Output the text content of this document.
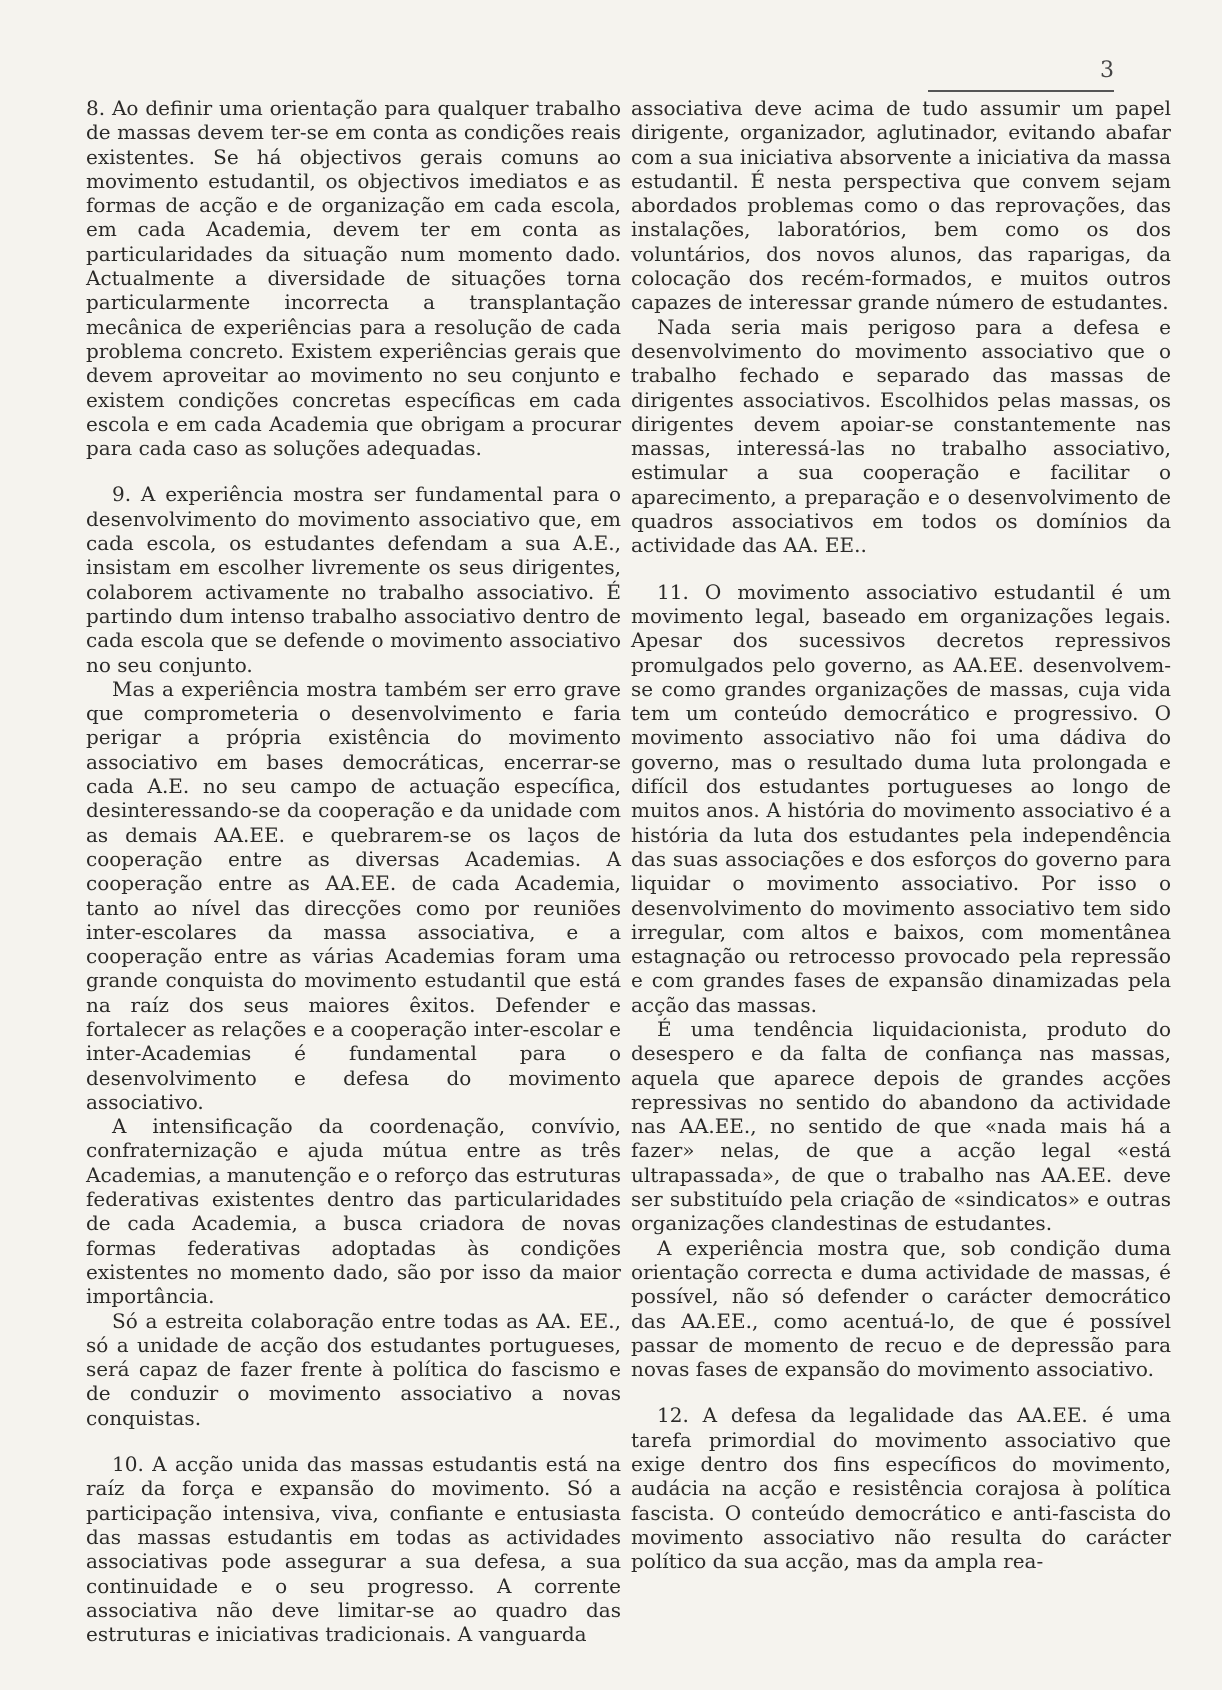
3

8. Ao definir uma orientação para qualquer trabalho de massas devem ter-se em conta as condições reais existentes. Se há objectivos gerais comuns ao movimento estudantil, os objectivos imediatos e as formas de acção e de organização em cada escola, em cada Academia, devem ter em conta as particularidades da situação num momento dado. Actualmente a diversidade de situações torna particularmente incorrecta a transplantação mecânica de experiências para a resolução de cada problema concreto. Existem experiências gerais que devem aproveitar ao movimento no seu conjunto e existem condições concretas específicas em cada escola e em cada Academia que obrigam a procurar para cada caso as soluções adequadas.

9. A experiência mostra ser fundamental para o desenvolvimento do movimento associativo que, em cada escola, os estudantes defendam a sua A.E., insistam em escolher livremente os seus dirigentes, colaborem activamente no trabalho associativo. É partindo dum intenso trabalho associativo dentro de cada escola que se defende o movimento associativo no seu conjunto.

Mas a experiência mostra também ser erro grave que comprometeria o desenvolvimento e faria perigar a própria existência do movimento associativo em bases democráticas, encerrar-se cada A.E. no seu campo de actuação específica, desinteressando-se da cooperação e da unidade com as demais AA.EE. e quebrarem-se os laços de cooperação entre as diversas Academias. A cooperação entre as AA.EE. de cada Academia, tanto ao nível das direcções como por reuniões inter-escolares da massa associativa, e a cooperação entre as várias Academias foram uma grande conquista do movimento estudantil que está na raíz dos seus maiores êxitos. Defender e fortalecer as relações e a cooperação inter-escolar e inter-Academias é fundamental para o desenvolvimento e defesa do movimento associativo.

A intensificação da coordenação, convívio, confraternização e ajuda mútua entre as três Academias, a manutenção e o reforço das estruturas federativas existentes dentro das particularidades de cada Academia, a busca criadora de novas formas federativas adoptadas às condições existentes no momento dado, são por isso da maior importância.

Só a estreita colaboração entre todas as AA. EE., só a unidade de acção dos estudantes portugueses, será capaz de fazer frente à política do fascismo e de conduzir o movimento associativo a novas conquistas.

10. A acção unida das massas estudantis está na raíz da força e expansão do movimento. Só a participação intensiva, viva, confiante e entusiasta das massas estudantis em todas as actividades associativas pode assegurar a sua defesa, a sua continuidade e o seu progresso. A corrente associativa não deve limitar-se ao quadro das estruturas e iniciativas tradicionais. A vanguarda

associativa deve acima de tudo assumir um papel dirigente, organizador, aglutinador, evitando abafar com a sua iniciativa absorvente a iniciativa da massa estudantil. É nesta perspectiva que convem sejam abordados problemas como o das reprovações, das instalações, laboratórios, bem como os dos voluntários, dos novos alunos, das raparigas, da colocação dos recém-formados, e muitos outros capazes de interessar grande número de estudantes.

Nada seria mais perigoso para a defesa e desenvolvimento do movimento associativo que o trabalho fechado e separado das massas de dirigentes associativos. Escolhidos pelas massas, os dirigentes devem apoiar-se constantemente nas massas, interessá-las no trabalho associativo, estimular a sua cooperação e facilitar o aparecimento, a preparação e o desenvolvimento de quadros associativos em todos os domínios da actividade das AA. EE..

11. O movimento associativo estudantil é um movimento legal, baseado em organizações legais. Apesar dos sucessivos decretos repressivos promulgados pelo governo, as AA.EE. desenvolvem-se como grandes organizações de massas, cuja vida tem um conteúdo democrático e progressivo. O movimento associativo não foi uma dádiva do governo, mas o resultado duma luta prolongada e difícil dos estudantes portugueses ao longo de muitos anos. A história do movimento associativo é a história da luta dos estudantes pela independência das suas associações e dos esforços do governo para liquidar o movimento associativo. Por isso o desenvolvimento do movimento associativo tem sido irregular, com altos e baixos, com momentânea estagnação ou retrocesso provocado pela repressão e com grandes fases de expansão dinamizadas pela acção das massas.

É uma tendência liquidacionista, produto do desespero e da falta de confiança nas massas, aquela que aparece depois de grandes acções repressivas no sentido do abandono da actividade nas AA.EE., no sentido de que «nada mais há a fazer» nelas, de que a acção legal «está ultrapassada», de que o trabalho nas AA.EE. deve ser substituído pela criação de «sindicatos» e outras organizações clandestinas de estudantes.

A experiência mostra que, sob condição duma orientação correcta e duma actividade de massas, é possível, não só defender o carácter democrático das AA.EE., como acentuá-lo, de que é possível passar de momento de recuo e de depressão para novas fases de expansão do movimento associativo.

12. A defesa da legalidade das AA.EE. é uma tarefa primordial do movimento associativo que exige dentro dos fins específicos do movimento, audácia na acção e resistência corajosa à política fascista. O conteúdo democrático e anti-fascista do movimento associativo não resulta do carácter político da sua acção, mas da ampla rea-
